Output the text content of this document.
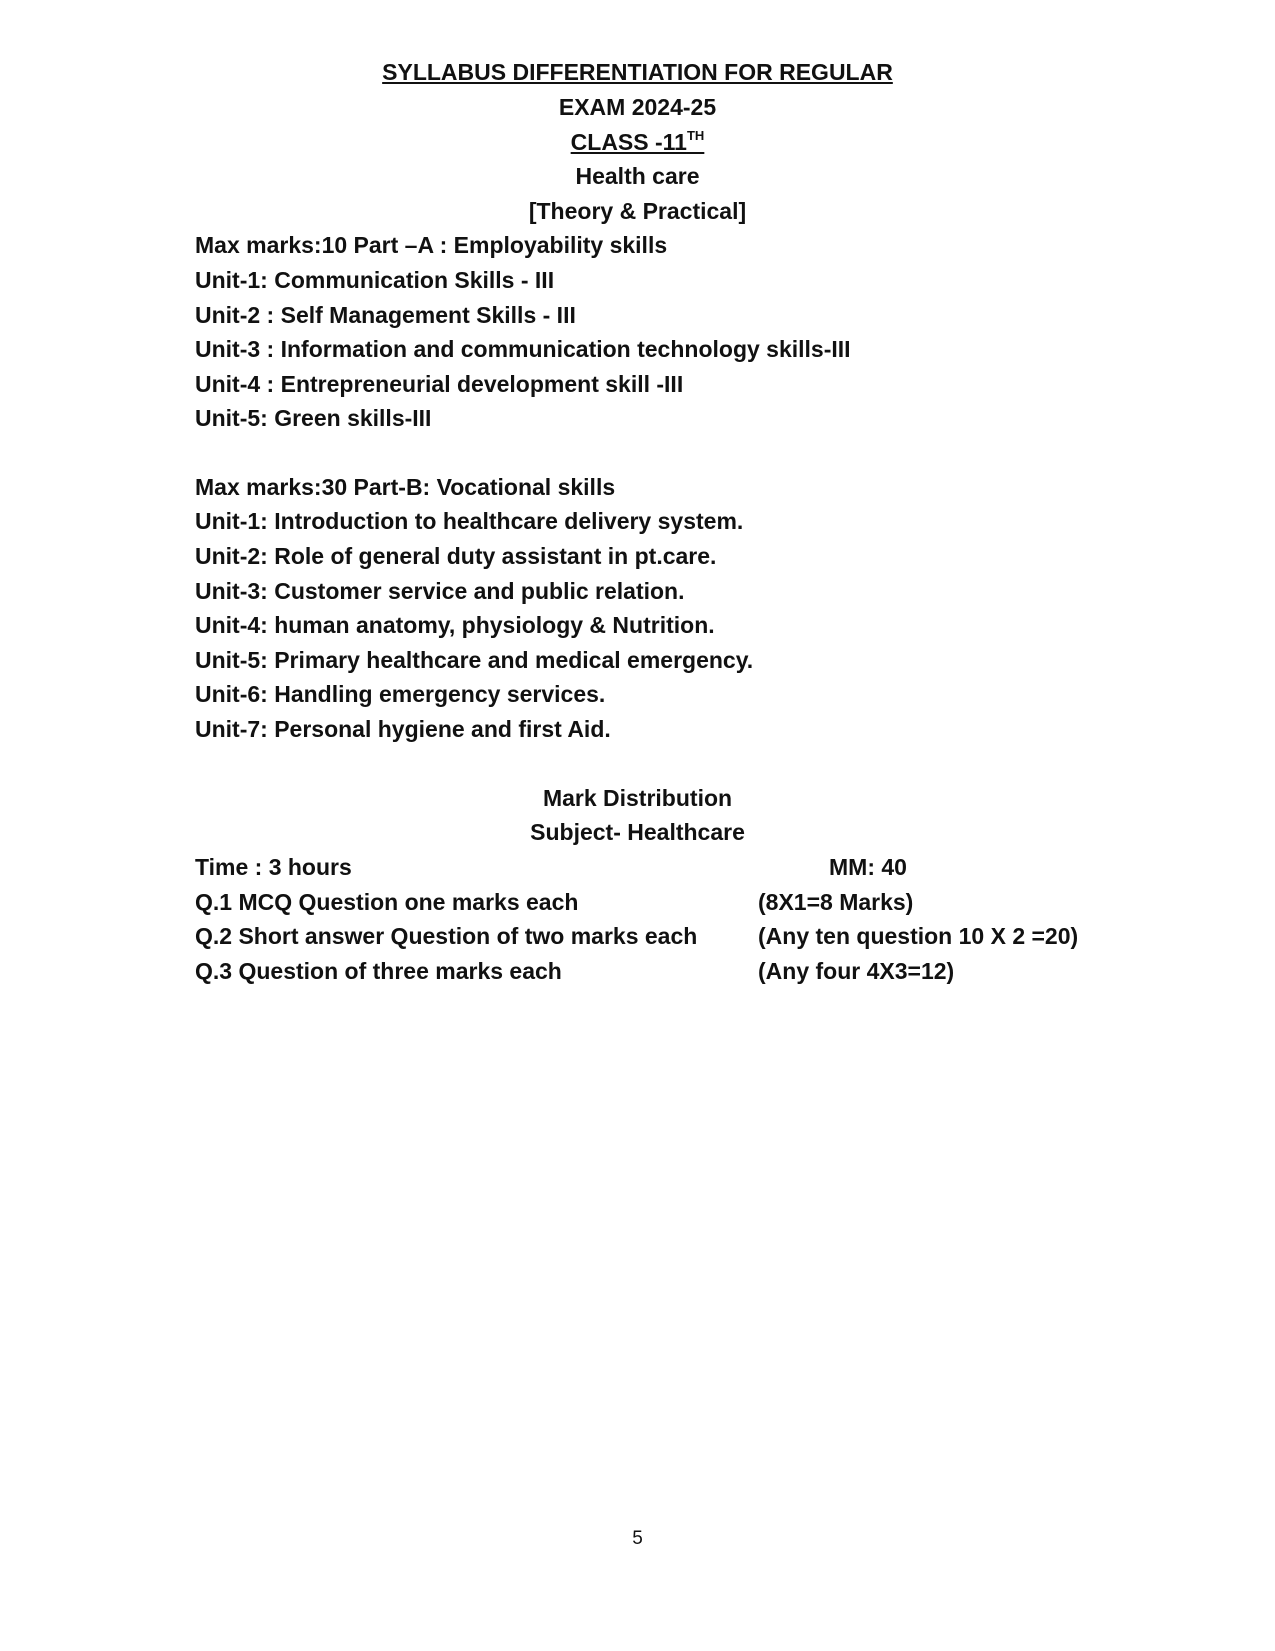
SYLLABUS DIFFERENTIATION FOR REGULAR
EXAM 2024-25
CLASS -11TH
Health care
[Theory & Practical]
Max marks:10 Part –A : Employability skills
Unit-1: Communication Skills - III
Unit-2 : Self Management Skills - III
Unit-3 : Information and communication technology skills-III
Unit-4 : Entrepreneurial development skill -III
Unit-5: Green skills-III
Max marks:30 Part-B: Vocational skills
Unit-1: Introduction to healthcare delivery system.
Unit-2: Role of general duty assistant in pt.care.
Unit-3: Customer service and public relation.
Unit-4: human anatomy, physiology & Nutrition.
Unit-5: Primary healthcare and medical emergency.
Unit-6: Handling emergency services.
Unit-7: Personal hygiene and first Aid.
Mark Distribution
Subject- Healthcare
Time : 3 hours	MM: 40
Q.1 MCQ Question one marks each	(8X1=8 Marks)
Q.2 Short answer Question of two marks each	(Any ten question 10 X 2 =20)
Q.3 Question of three marks each	(Any four 4X3=12)
5
